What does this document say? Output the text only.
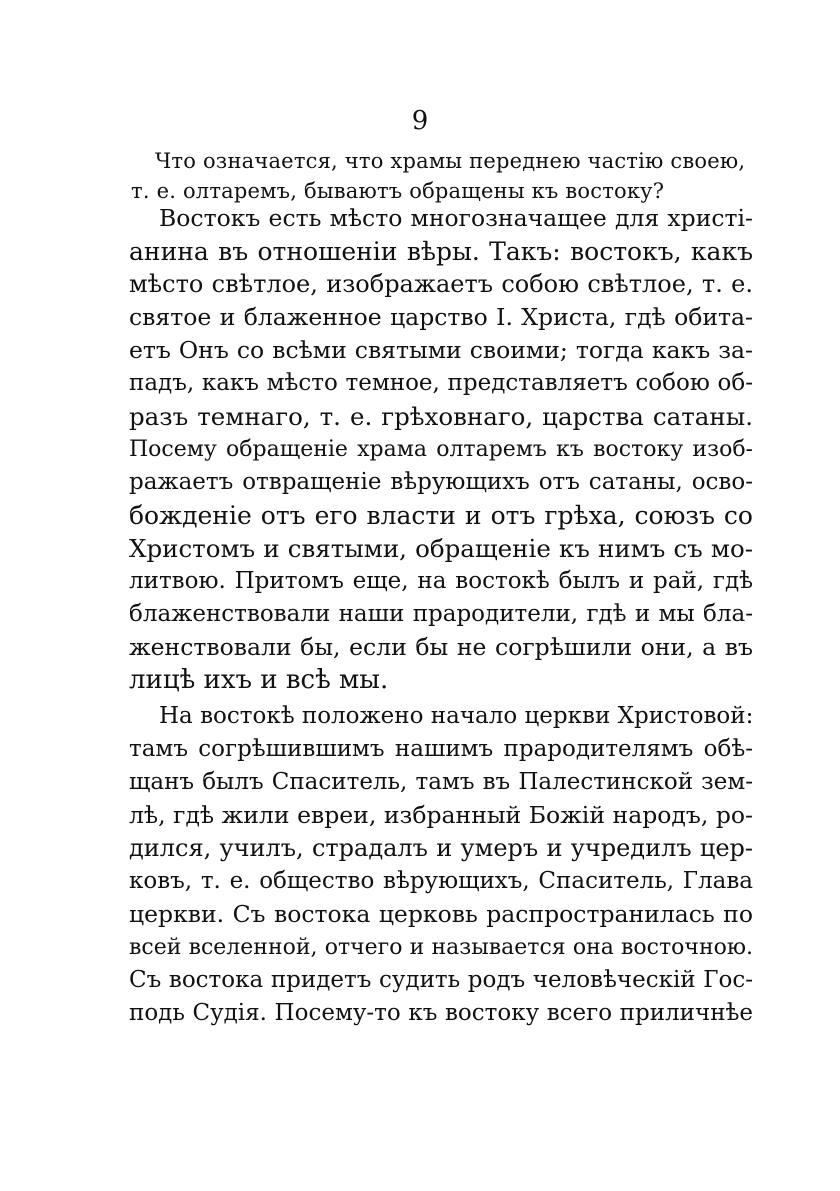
9
Что означается, что храмы переднею частію своею,
т. е. олтаремъ, бываютъ обращены къ востоку?
Востокъ есть мѣсто многозначащее для христі-
анина въ отношеніи вѣры. Такъ: востокъ, какъ
мѣсто свѣтлое, изображаетъ собою свѣтлое, т. е.
святое и блаженное царство І. Христа, гдѣ обита-
етъ Онъ со всѣми святыми своими; тогда какъ за-
падъ, какъ мѣсто темное, представляетъ собою об-
разъ темнаго, т. е. грѣховнаго, царства сатаны.
Посему обращеніе храма олтаремъ къ востоку изоб-
ражаетъ отвращеніе вѣрующихъ отъ сатаны, осво-
божденіе отъ его власти и отъ грѣха, союзъ со
Христомъ и святыми, обращеніе къ нимъ съ мо-
литвою. Притомъ еще, на востокѣ былъ и рай, гдѣ
блаженствовали наши прародители, гдѣ и мы бла-
женствовали бы, если бы не согрѣшили они, а въ
лицѣ ихъ и всѣ мы.
На востокѣ положено начало церкви Христовой:
тамъ согрѣшившимъ нашимъ прародителямъ обѣ-
щанъ былъ Спаситель, тамъ въ Палестинской зем-
лѣ, гдѣ жили евреи, избранный Божій народъ, ро-
дился, училъ, страдалъ и умеръ и учредилъ цер-
ковъ, т. е. общество вѣрующихъ, Спаситель, Глава
церкви. Съ востока церковь распространилась по
всей вселенной, отчего и называется она восточною.
Съ востока придетъ судить родъ человѣческій Гос-
подь Судія. Посему-то къ востоку всего приличнѣе
